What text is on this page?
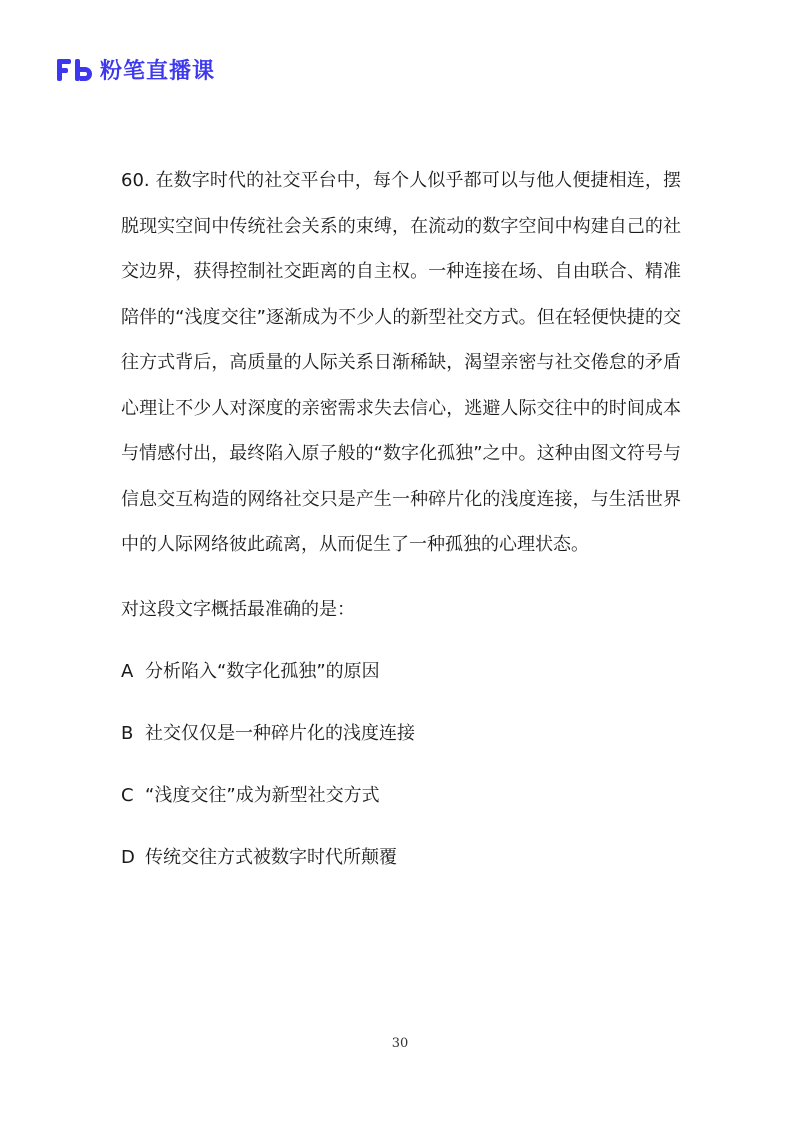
粉笔直播课

60. 在数字时代的社交平台中，每个人似乎都可以与他人便捷相连，摆脱现实空间中传统社会关系的束缚，在流动的数字空间中构建自己的社交边界，获得控制社交距离的自主权。一种连接在场、自由联合、精准陪伴的“浅度交往”逐渐成为不少人的新型社交方式。但在轻便快捷的交往方式背后，高质量的人际关系日渐稀缺，渴望亲密与社交倦怠的矛盾心理让不少人对深度的亲密需求失去信心，逃避人际交往中的时间成本与情感付出，最终陷入原子般的“数字化孤独”之中。这种由图文符号与信息交互构造的网络社交只是产生一种碎片化的浅度连接，与生活世界中的人际网络彼此疏离，从而促生了一种孤独的心理状态。

对这段文字概括最准确的是：

A 分析陷入“数字化孤独”的原因
B 社交仅仅是一种碎片化的浅度连接
C “浅度交往”成为新型社交方式
D 传统交往方式被数字时代所颠覆
30
